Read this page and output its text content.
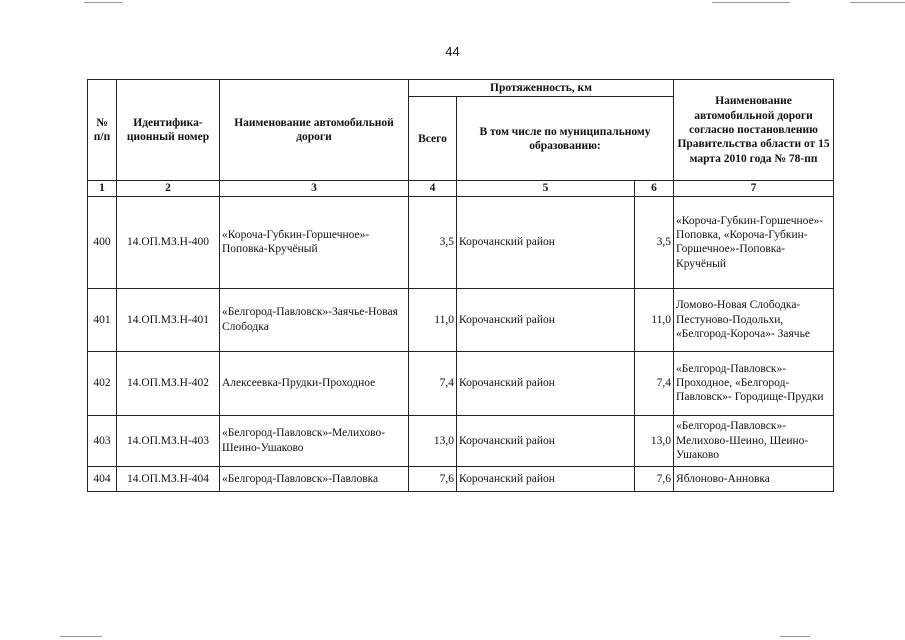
44
№ п/п	Идентифика-ционный номер	Наименование автомобильной дороги	Протяженность, км			Наименование автомобильной дороги согласно постановлению Правительства области от 15 марта 2010 года № 78-пп
			Всего	В том числе по муниципальному образованию:		
1	2	3	4	5	6	7
400	14.ОП.МЗ.Н-400	«Короча-Губкин-Горшечное»-Поповка-Кручёный	3,5	Корочанский район	3,5	«Короча-Губкин-Горшечное»-Поповка, «Короча-Губкин-Горшечное»-Поповка-Кручёный
401	14.ОП.МЗ.Н-401	«Белгород-Павловск»-Заячье-Новая Слободка	11,0	Корочанский район	11,0	Ломово-Новая Слободка-Пестуново-Подольхи, «Белгород-Короча»- Заячье
402	14.ОП.МЗ.Н-402	Алексеевка-Прудки-Проходное	7,4	Корочанский район	7,4	«Белгород-Павловск»-Проходное, «Белгород-Павловск»- Городище-Прудки
403	14.ОП.МЗ.Н-403	«Белгород-Павловск»-Мелихово-Шеино-Ушаково	13,0	Корочанский район	13,0	«Белгород-Павловск»-Мелихово-Шеино, Шеино-Ушаково
404	14.ОП.МЗ.Н-404	«Белгород-Павловск»-Павловка	7,6	Корочанский район	7,6	Яблоново-Анновка
